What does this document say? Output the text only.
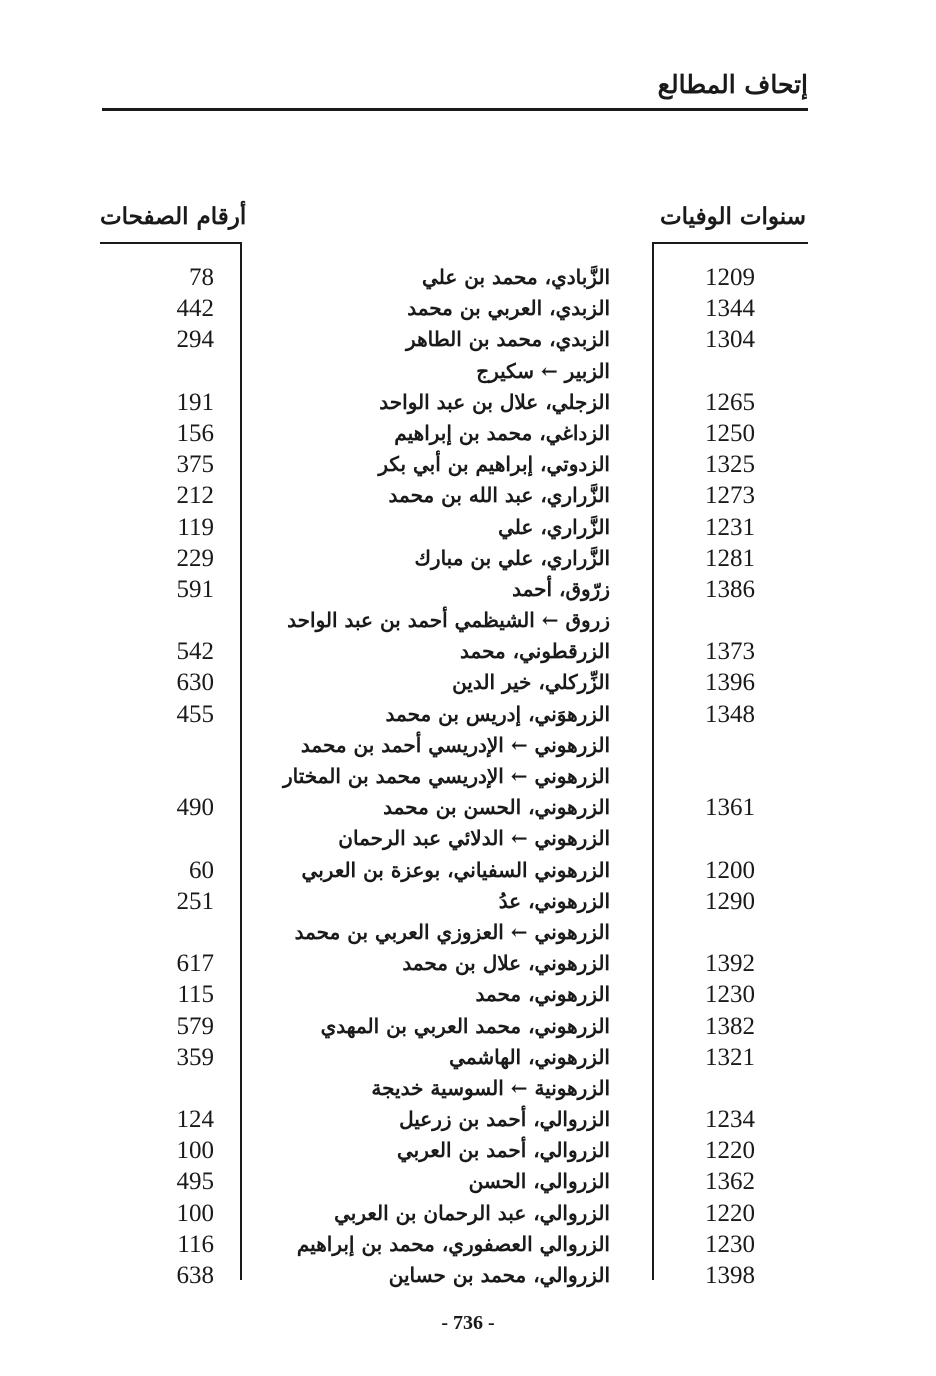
إتحاف المطالع
سنوات الوفيات
أرقام الصفحات
78	الزَّبادي، محمد بن علي	1209
442	الزبدي، العربي بن محمد	1344
294	الزبدي، محمد بن الطاهر	1304
الزبير ← سكيرج
191	الزجلي، علال بن عبد الواحد	1265
156	الزداغي، محمد بن إبراهيم	1250
375	الزدوتي، إبراهيم بن أبي بكر	1325
212	الزَّراري، عبد الله بن محمد	1273
119	الزَّراري، علي	1231
229	الزَّراري، علي بن مبارك	1281
591	زرّوق، أحمد	1386
زروق ← الشيظمي أحمد بن عبد الواحد
542	الزرقطوني، محمد	1373
630	الزِّركلي، خير الدين	1396
455	الزرهوَني، إدريس بن محمد	1348
الزرهوني ← الإدريسي أحمد بن محمد
الزرهوني ← الإدريسي محمد بن المختار
490	الزرهوني، الحسن بن محمد	1361
الزرهوني ← الدلائي عبد الرحمان
60	الزرهوني السفياني، بوعزة بن العربي	1200
251	الزرهوني، عدُ	1290
الزرهوني ← العزوزي العربي بن محمد
617	الزرهوني، علال بن محمد	1392
115	الزرهوني، محمد	1230
579	الزرهوني، محمد العربي بن المهدي	1382
359	الزرهوني، الهاشمي	1321
الزرهونية ← السوسية خديجة
124	الزروالي، أحمد بن زرعيل	1234
100	الزروالي، أحمد بن العربي	1220
495	الزروالي، الحسن	1362
100	الزروالي، عبد الرحمان بن العربي	1220
116	الزروالي العصفوري، محمد بن إبراهيم	1230
638	الزروالي، محمد بن حساين	1398
- 736 -
